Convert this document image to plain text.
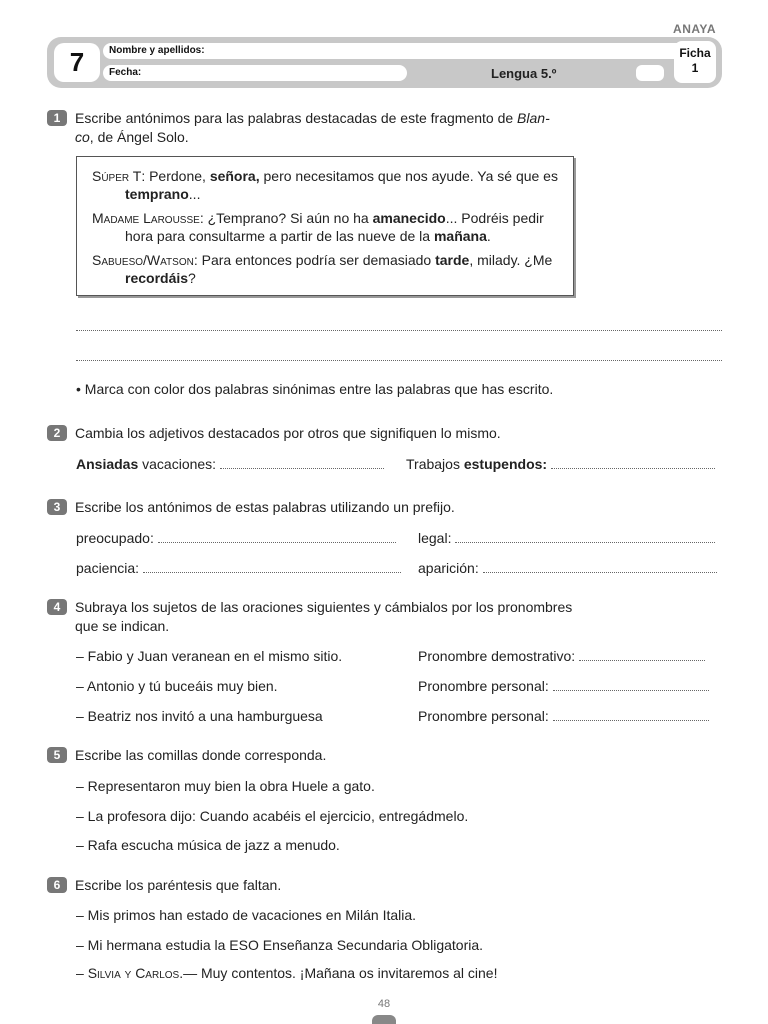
ANAYA
7	Nombre y apellidos:
Fecha:	Lengua 5.º
Ficha
1
1	Escribe antónimos para las palabras destacadas de este fragmento de Blan-
co, de Ángel Solo.
Súper T: Perdone, señora, pero necesitamos que nos ayude. Ya sé que es temprano...
Madame Larousse: ¿Temprano? Si aún no ha amanecido... Podréis pedir hora para consultarme a partir de las nueve de la mañana.
Sabueso/Watson: Para entonces podría ser demasiado tarde, milady. ¿Me recordáis?
• Marca con color dos palabras sinónimas entre las palabras que has escrito.
2	Cambia los adjetivos destacados por otros que signifiquen lo mismo.
Ansiadas vacaciones:	Trabajos estupendos:
3	Escribe los antónimos de estas palabras utilizando un prefijo.
preocupado:	legal:
paciencia:	aparición:
4	Subraya los sujetos de las oraciones siguientes y cámbialos por los pronombres que se indican.
– Fabio y Juan veranean en el mismo sitio.	Pronombre demostrativo:
– Antonio y tú buceáis muy bien.	Pronombre personal:
– Beatriz nos invitó a una hamburguesa	Pronombre personal:
5	Escribe las comillas donde corresponda.
– Representaron muy bien la obra Huele a gato.
– La profesora dijo: Cuando acabéis el ejercicio, entregádmelo.
– Rafa escucha música de jazz a menudo.
6	Escribe los paréntesis que faltan.
– Mis primos han estado de vacaciones en Milán Italia.
– Mi hermana estudia la ESO Enseñanza Secundaria Obligatoria.
– Silvia y Carlos.— Muy contentos. ¡Mañana os invitaremos al cine!
48
